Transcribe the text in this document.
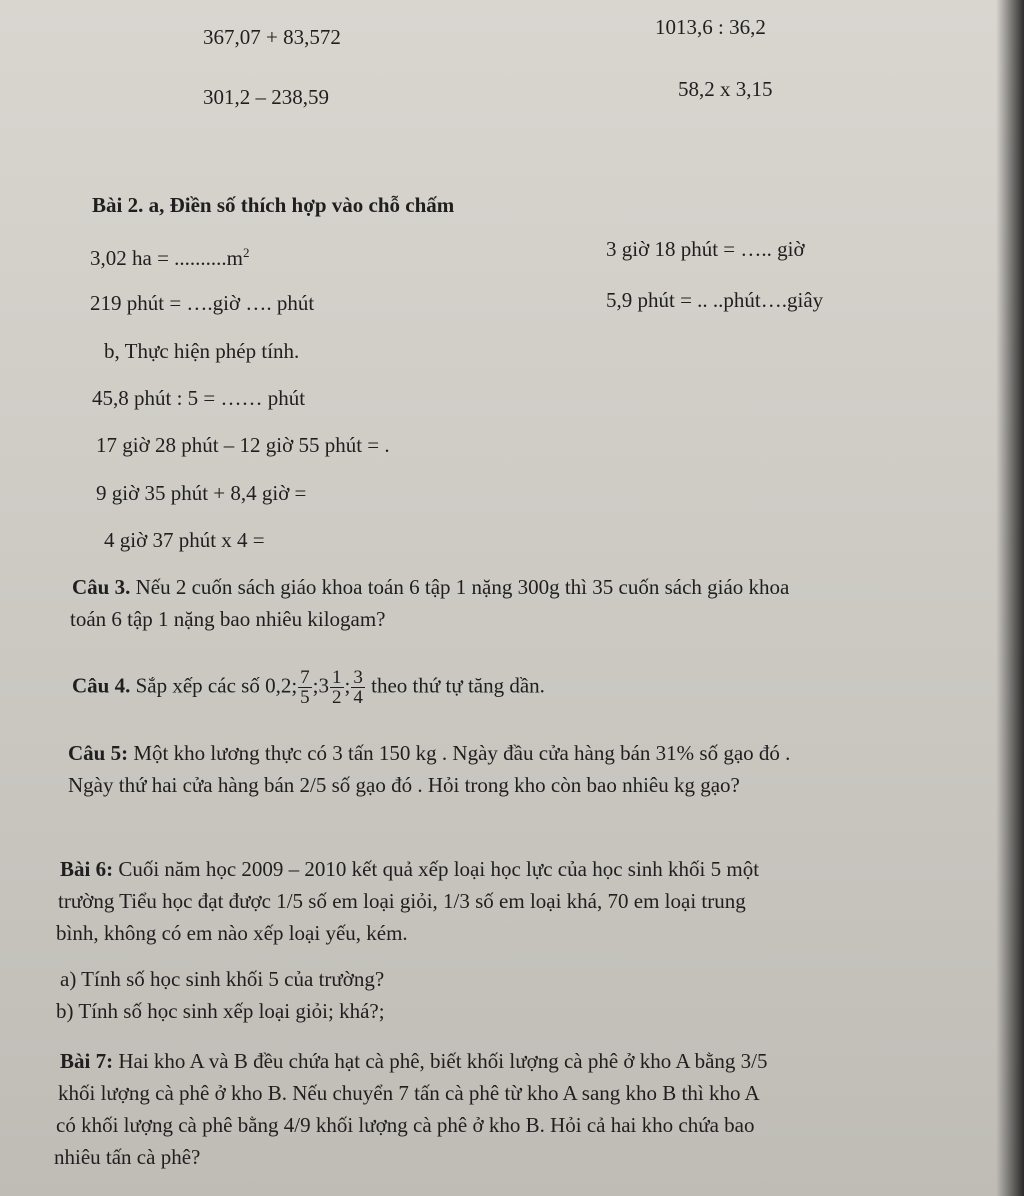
367,07 + 83,572	1013,6 : 36,2
301,2 – 238,59	58,2 x 3,15
Bài 2. a, Điền số thích hợp vào chỗ chấm
3,02 ha = $..........m^2$	3 giờ 18 phút = ….. giờ
219 phút = ….giờ …. phút	5,9 phút = .. ..phút….giây
b, Thực hiện phép tính.
45,8 phút : 5 = …… phút
17 giờ 28 phút – 12 giờ 55 phút = .
9 giờ 35 phút + 8,4 giờ =
4 giờ 37 phút x 4 =
Câu 3. Nếu 2 cuốn sách giáo khoa toán 6 tập 1 nặng 300g thì 35 cuốn sách giáo khoa
toán 6 tập 1 nặng bao nhiêu kilogam?
Câu 4. Sắp xếp các số 0,2; $\frac{7}{5}$ ;3 $\frac{1}{2}$ ; $\frac{3}{4}$ theo thứ tự tăng dần.
Câu 5: Một kho lương thực có 3 tấn 150 kg . Ngày đầu cửa hàng bán 31% số gạo đó .
Ngày thứ hai cửa hàng bán 2/5 số gạo đó . Hỏi trong kho còn bao nhiêu kg gạo?
Bài 6: Cuối năm học 2009 – 2010 kết quả xếp loại học lực của học sinh khối 5 một
trường Tiểu học đạt được 1/5 số em loại giỏi, 1/3 số em loại khá, 70 em loại trung
bình, không có em nào xếp loại yếu, kém.
a) Tính số học sinh khối 5 của trường?
b) Tính số học sinh xếp loại giỏi; khá?;
Bài 7: Hai kho A và B đều chứa hạt cà phê, biết khối lượng cà phê ở kho A bằng 3/5
khối lượng cà phê ở kho B. Nếu chuyển 7 tấn cà phê từ kho A sang kho B thì kho A
có khối lượng cà phê bằng 4/9 khối lượng cà phê ở kho B. Hỏi cả hai kho chứa bao
nhiêu tấn cà phê?
